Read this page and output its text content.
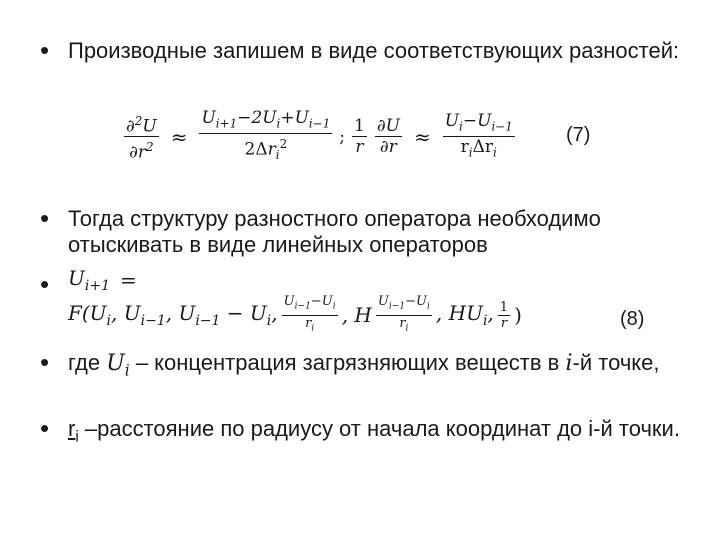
• Производные запишем в виде соответствующих разностей:
$\frac{\partial^2U}{\partial r^2} \approx \frac{U_{i+1}-2U_i+U_{i-1}}{2\Delta r_i^2}$ ; $\frac{1}{r} \frac{\partial U}{\partial r} \approx \frac{U_i-U_{i-1}}{r_i\Delta r_i}$	(7)
• Тогда структуру разностного оператора необходимо отыскивать в виде линейных операторов
• $U_{i+1}$ =
$F(U_i$, $U_{i-1}$, $U_{i-1} - U_i$, $\frac{U_{i-1}-U_i}{r_i}$ , H $\frac{U_{i-1}-U_i}{r_i}$ , $HU_i$, $\frac{1}{r}$ )	(8)
• где $U_i$ – концентрация загрязняющих веществ в i-й точке,
• $r_i$ –расстояние по радиусу от начала координат до i-й точки.
